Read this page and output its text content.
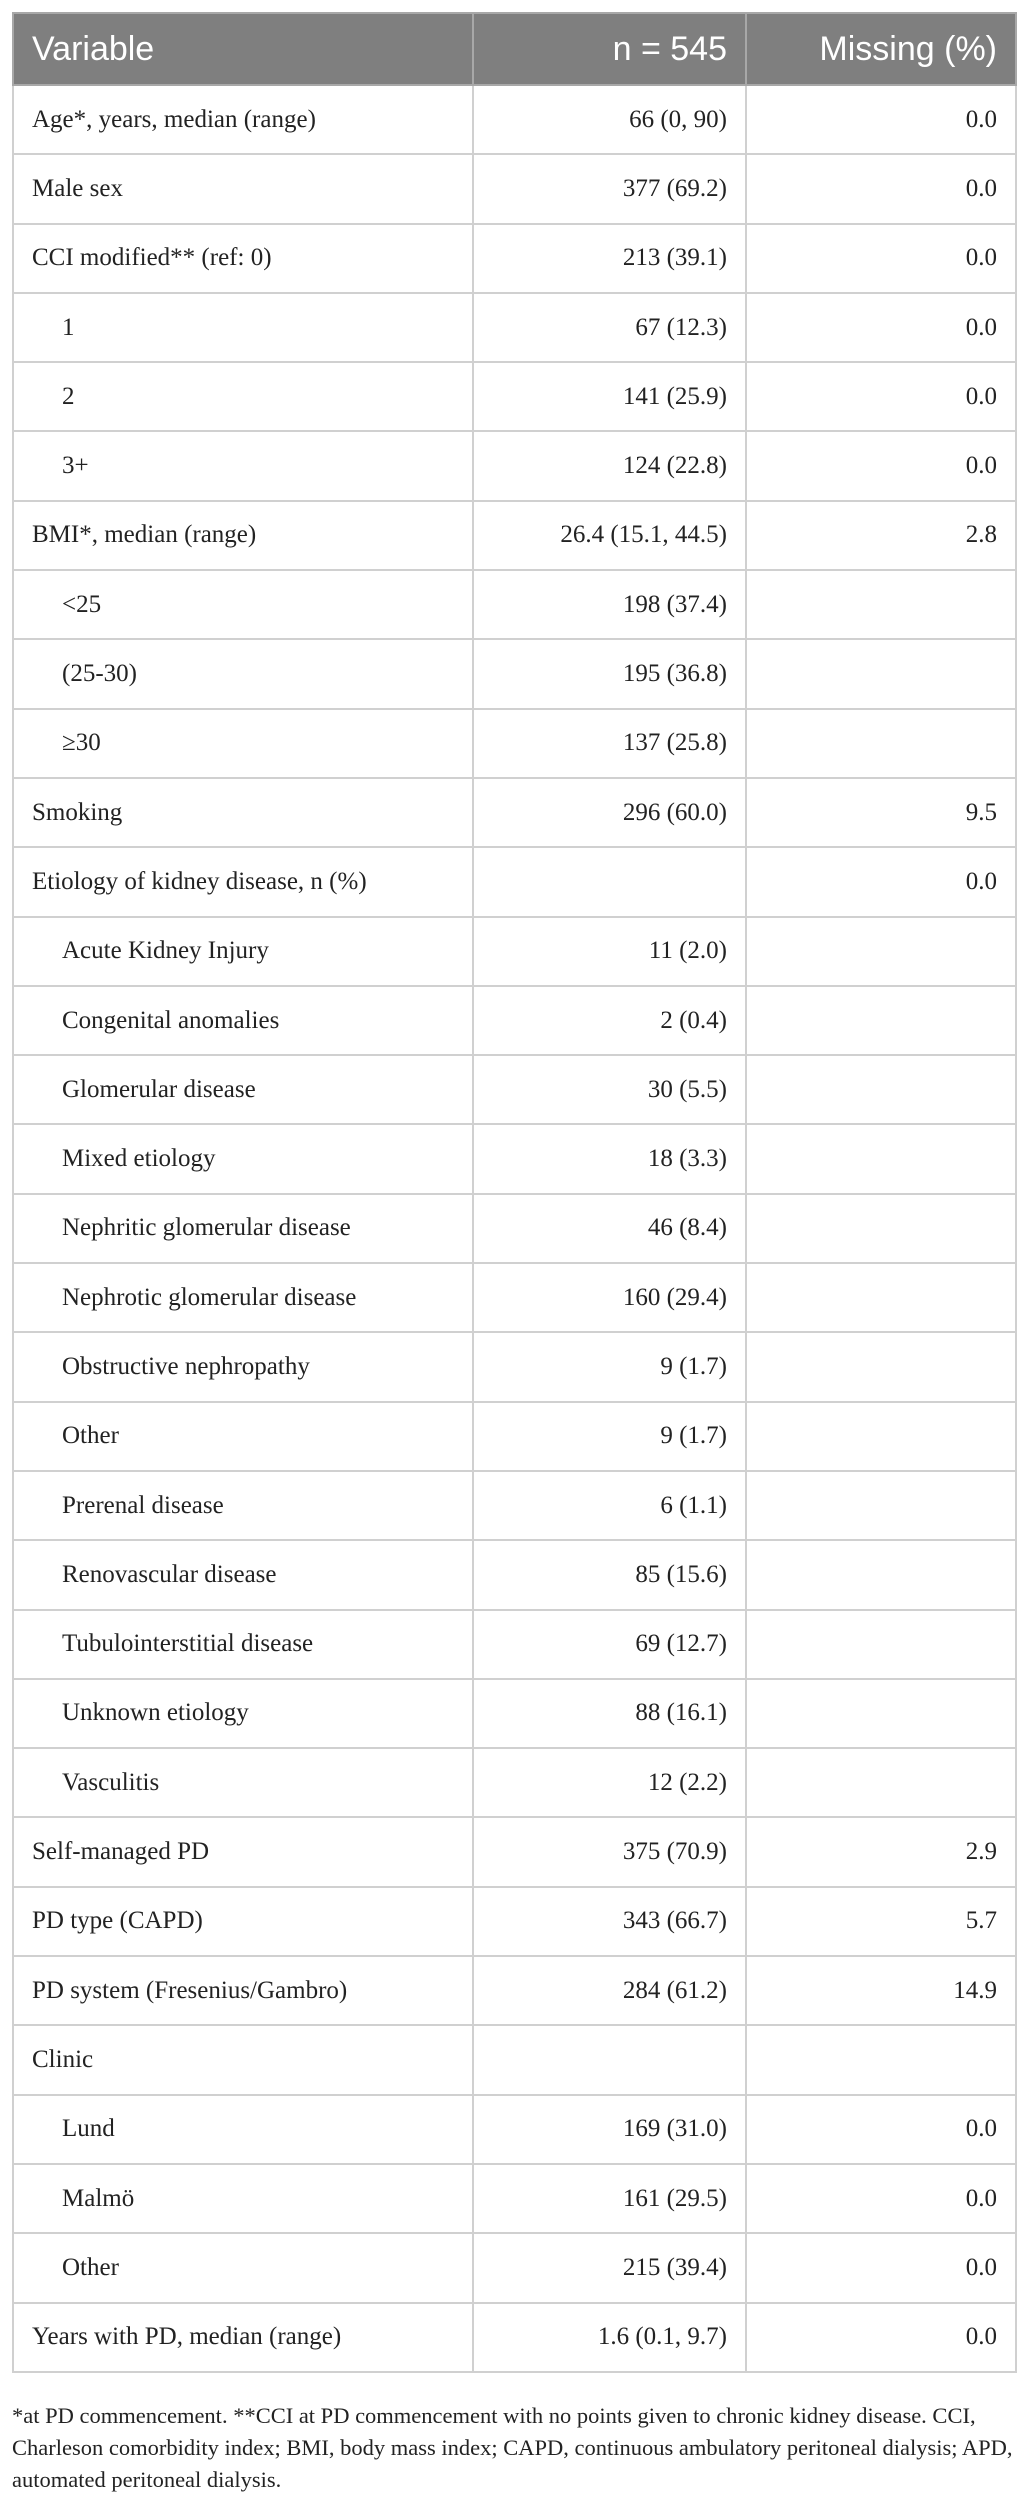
Variable	n = 545	Missing (%)
Age*, years, median (range)	66 (0, 90)	0.0
Male sex	377 (69.2)	0.0
CCI modified** (ref: 0)	213 (39.1)	0.0
1	67 (12.3)	0.0
2	141 (25.9)	0.0
3+	124 (22.8)	0.0
BMI*, median (range)	26.4 (15.1, 44.5)	2.8
<25	198 (37.4)	
(25-30)	195 (36.8)	
≥30	137 (25.8)	
Smoking	296 (60.0)	9.5
Etiology of kidney disease, n (%)		0.0
Acute Kidney Injury	11 (2.0)	
Congenital anomalies	2 (0.4)	
Glomerular disease	30 (5.5)	
Mixed etiology	18 (3.3)	
Nephritic glomerular disease	46 (8.4)	
Nephrotic glomerular disease	160 (29.4)	
Obstructive nephropathy	9 (1.7)	
Other	9 (1.7)	
Prerenal disease	6 (1.1)	
Renovascular disease	85 (15.6)	
Tubulointerstitial disease	69 (12.7)	
Unknown etiology	88 (16.1)	
Vasculitis	12 (2.2)	
Self-managed PD	375 (70.9)	2.9
PD type (CAPD)	343 (66.7)	5.7
PD system (Fresenius/Gambro)	284 (61.2)	14.9
Clinic		
Lund	169 (31.0)	0.0
Malmö	161 (29.5)	0.0
Other	215 (39.4)	0.0
Years with PD, median (range)	1.6 (0.1, 9.7)	0.0
*at PD commencement. **CCI at PD commencement with no points given to chronic kidney disease. CCI, Charleson comorbidity index; BMI, body mass index; CAPD, continuous ambulatory peritoneal dialysis; APD, automated peritoneal dialysis.
